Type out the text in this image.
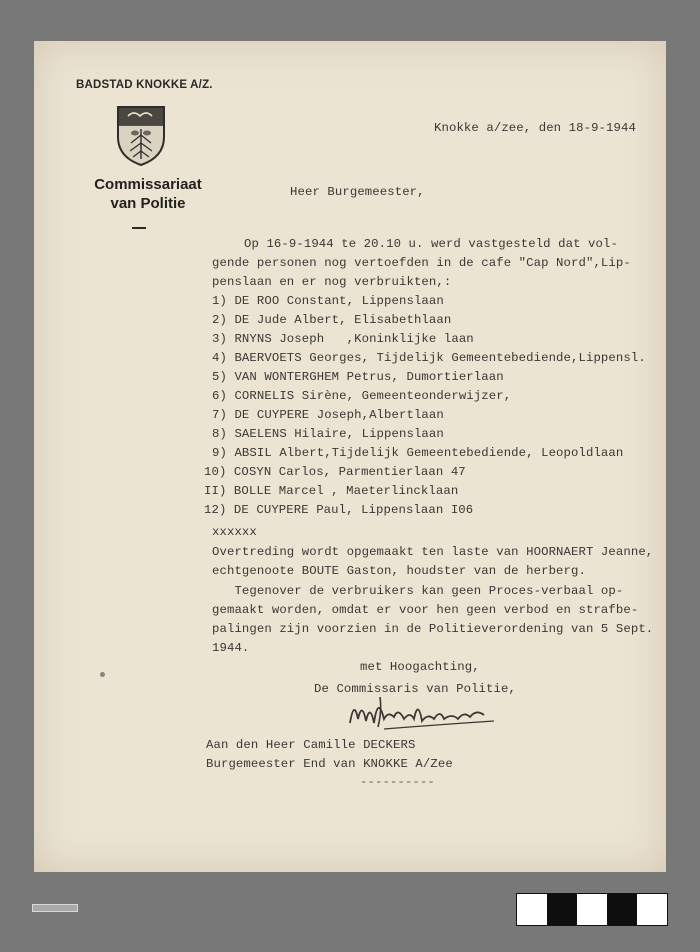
BADSTAD KNOKKE A/Z.
Commissariaat
van Politie
Knokke a/zee, den 18-9-1944
Heer Burgemeester,
Op 16-9-1944 te 20.10 u. werd vastgesteld dat vol-
gende personen nog vertoefden in de cafe "Cap Nord",Lip-
penslaan en er nog verbruikten,:
1) DE ROO Constant, Lippenslaan
2) DE Jude Albert, Elisabethlaan
3) RNYNS Joseph   ,Koninklijke laan
4) BAERVOETS Georges, Tijdelijk Gemeentebediende,Lippensl.
5) VAN WONTERGHEM Petrus, Dumortierlaan
6) CORNELIS Sirène, Gemeenteonderwijzer,
7) DE CUYPERE Joseph,Albertlaan
8) SAELENS Hilaire, Lippenslaan
9) ABSIL Albert,Tijdelijk Gemeentebediende, Leopoldlaan
10) COSYN Carlos, Parmentierlaan 47
II) BOLLE Marcel , Maeterlincklaan
12) DE CUYPERE Paul, Lippenslaan I06
xxxxxx
Overtreding wordt opgemaakt ten laste van HOORNAERT Jeanne,
echtgenoote BOUTE Gaston, houdster van de herberg.
Tegenover de verbruikers kan geen Proces-verbaal op-
gemaakt worden, omdat er voor hen geen verbod en strafbe-
palingen zijn voorzien in de Politieverordening van 5 Sept.
1944.
met Hoogachting,
De Commissaris van Politie,
Aan den Heer Camille DECKERS
Burgemeester End van KNOKKE A/Zee
----------
